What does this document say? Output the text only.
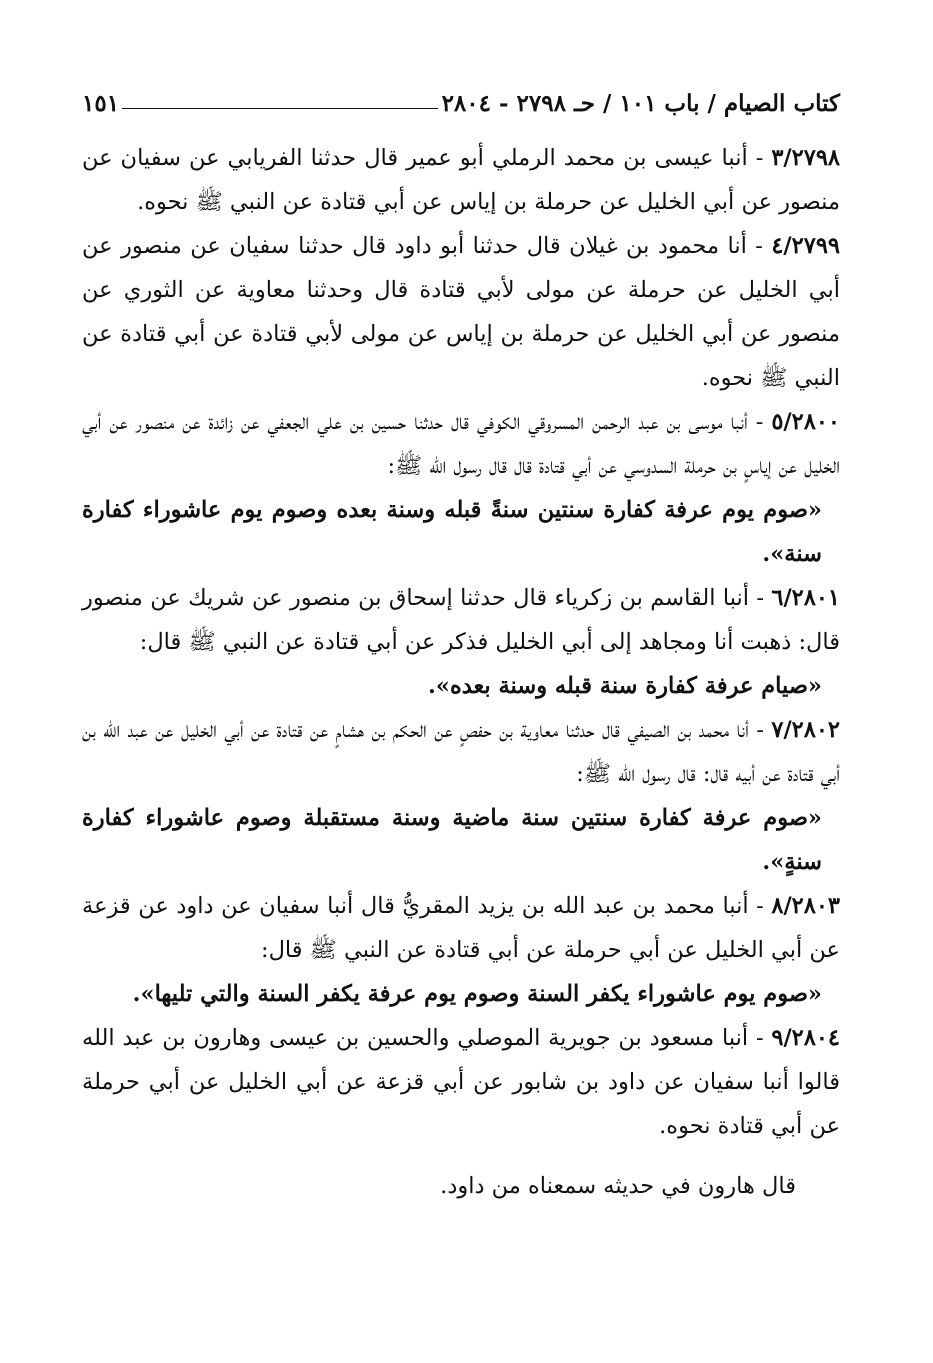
كتاب الصيام / باب ١٠١ / حـ ٢٧٩٨ - ٢٨٠٤
١٥١

٣/٢٧٩٨ - أنبا عيسى بن محمد الرملي أبو عمير قال حدثنا الفريابي عن سفيان عن منصور عن أبي الخليل عن حرملة بن إياس عن أبي قتادة عن النبي ﷺ نحوه.

٤/٢٧٩٩ - أنا محمود بن غيلان قال حدثنا أبو داود قال حدثنا سفيان عن منصور عن أبي الخليل عن حرملة عن مولى لأبي قتادة قال وحدثنا معاوية عن الثوري عن منصور عن أبي الخليل عن حرملة بن إياس عن مولى لأبي قتادة عن أبي قتادة عن النبي ﷺ نحوه.

٥/٢٨٠٠ - أنبا موسى بن عبد الرحمن المسروقي الكوفي قال حدثنا حسين بن علي الجعفي عن زائدة عن منصور عن أبي الخليل عن إياسٍ بن حرملة السدوسي عن أبي قتادة قال قال رسول الله ﷺ:

«صوم يوم عرفة كفارة سنتين سنةً قبله وسنة بعده وصوم يوم عاشوراء كفارة سنة».

٦/٢٨٠١ - أنبا القاسم بن زكرياء قال حدثنا إسحاق بن منصور عن شريك عن منصور قال: ذهبت أنا ومجاهد إلى أبي الخليل فذكر عن أبي قتادة عن النبي ﷺ قال:

«صيام عرفة كفارة سنة قبله وسنة بعده».

٧/٢٨٠٢ - أنا محمد بن الصيفي قال حدثنا معاوية بن حفصٍ عن الحكم بن هشامٍ عن قتادة عن أبي الخليل عن عبد الله بن أبي قتادة عن أبيه قال: قال رسول الله ﷺ:

«صوم عرفة كفارة سنتين سنة ماضية وسنة مستقبلة وصوم عاشوراء كفارة سنةٍ».

٨/٢٨٠٣ - أنبا محمد بن عبد الله بن يزيد المقريُّ قال أنبا سفيان عن داود عن قزعة عن أبي الخليل عن أبي حرملة عن أبي قتادة عن النبي ﷺ قال:

«صوم يوم عاشوراء يكفر السنة وصوم يوم عرفة يكفر السنة والتي تليها».

٩/٢٨٠٤ - أنبا مسعود بن جويرية الموصلي والحسين بن عيسى وهارون بن عبد الله قالوا أنبا سفيان عن داود بن شابور عن أبي قزعة عن أبي الخليل عن أبي حرملة عن أبي قتادة نحوه.

قال هارون في حديثه سمعناه من داود.
